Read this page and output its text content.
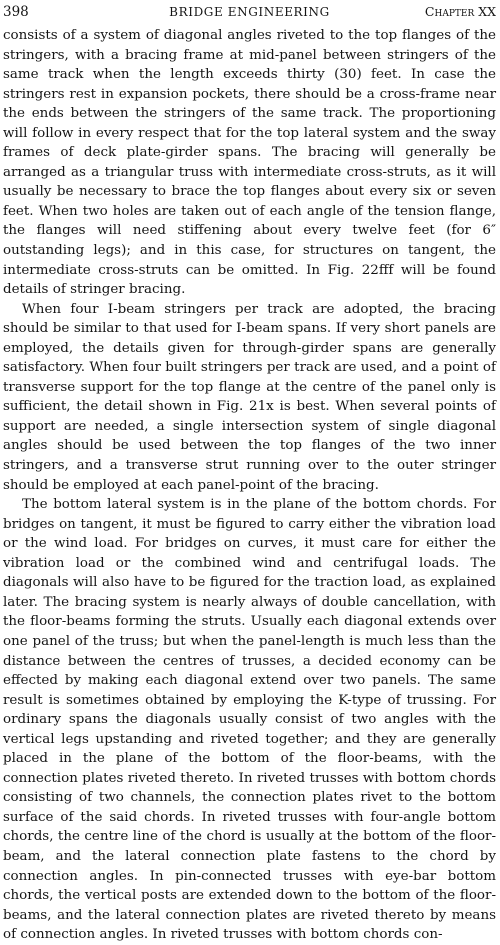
398	BRIDGE ENGINEERING	Chapter XX

consists of a system of diagonal angles riveted to the top flanges of the stringers, with a bracing frame at mid-panel between stringers of the same track when the length exceeds thirty (30) feet. In case the stringers rest in expansion pockets, there should be a cross-frame near the ends between the stringers of the same track. The proportioning will follow in every respect that for the top lateral system and the sway frames of deck plate-girder spans. The bracing will generally be arranged as a triangular truss with intermediate cross-struts, as it will usually be necessary to brace the top flanges about every six or seven feet. When two holes are taken out of each angle of the tension flange, the flanges will need stiffening about every twelve feet (for 6″ outstanding legs); and in this case, for structures on tangent, the intermediate cross-struts can be omitted. In Fig. 22fff will be found details of stringer bracing.

When four I-beam stringers per track are adopted, the bracing should be similar to that used for I-beam spans. If very short panels are employed, the details given for through-girder spans are generally satisfactory. When four built stringers per track are used, and a point of transverse support for the top flange at the centre of the panel only is sufficient, the detail shown in Fig. 21x is best. When several points of support are needed, a single intersection system of single diagonal angles should be used between the top flanges of the two inner stringers, and a transverse strut running over to the outer stringer should be employed at each panel-point of the bracing.

The bottom lateral system is in the plane of the bottom chords. For bridges on tangent, it must be figured to carry either the vibration load or the wind load. For bridges on curves, it must care for either the vibration load or the combined wind and centrifugal loads. The diagonals will also have to be figured for the traction load, as explained later. The bracing system is nearly always of double cancellation, with the floor-beams forming the struts. Usually each diagonal extends over one panel of the truss; but when the panel-length is much less than the distance between the centres of trusses, a decided economy can be effected by making each diagonal extend over two panels. The same result is sometimes obtained by employing the K-type of trussing. For ordinary spans the diagonals usually consist of two angles with the vertical legs upstanding and riveted together; and they are generally placed in the plane of the bottom of the floor-beams, with the connection plates riveted thereto. In riveted trusses with bottom chords consisting of two channels, the connection plates rivet to the bottom surface of the said chords. In riveted trusses with four-angle bottom chords, the centre line of the chord is usually at the bottom of the floor-beam, and the lateral connection plate fastens to the chord by connection angles. In pin-connected trusses with eye-bar bottom chords, the vertical posts are extended down to the bottom of the floor-beams, and the lateral connection plates are riveted thereto by means of connection angles. In riveted trusses with bottom chords con-
